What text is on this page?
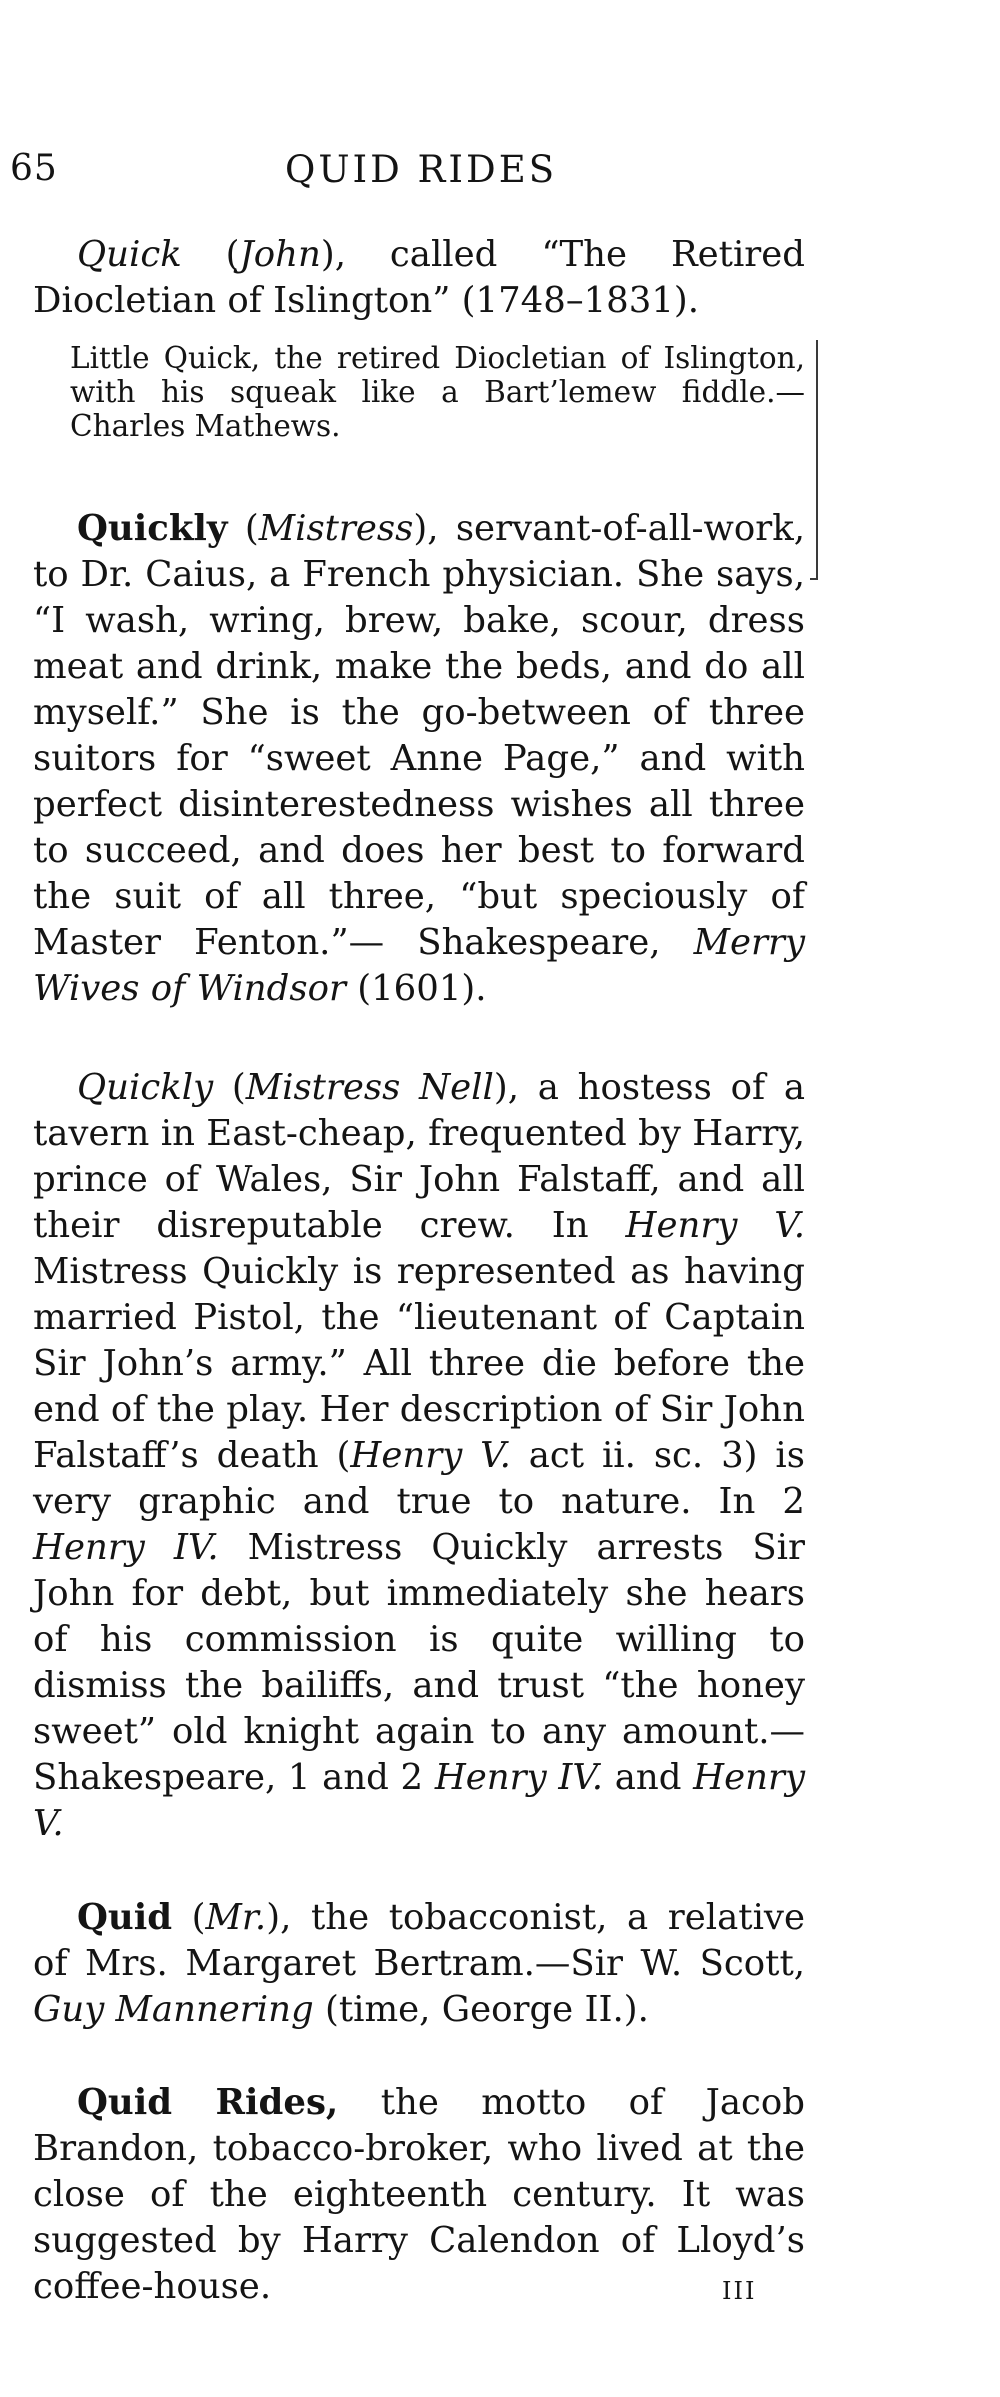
65	QUID RIDES

Quick (John), called “The Retired Diocletian of Islington” (1748–1831).

Little Quick, the retired Diocletian of Islington, with his squeak like a Bart’lemew fiddle.—Charles Mathews.

Quickly (Mistress), servant-of-all-work, to Dr. Caius, a French physician. She says, “I wash, wring, brew, bake, scour, dress meat and drink, make the beds, and do all myself.” She is the go-between of three suitors for “sweet Anne Page,” and with perfect disinterestedness wishes all three to succeed, and does her best to forward the suit of all three, “but speciously of Master Fenton.”— Shakespeare, Merry Wives of Windsor (1601).

Quickly (Mistress Nell), a hostess of a tavern in East-cheap, frequented by Harry, prince of Wales, Sir John Falstaff, and all their disreputable crew. In Henry V. Mistress Quickly is represented as having married Pistol, the “lieutenant of Captain Sir John’s army.” All three die before the end of the play. Her description of Sir John Falstaff’s death (Henry V. act ii. sc. 3) is very graphic and true to nature. In 2 Henry IV. Mistress Quickly arrests Sir John for debt, but immediately she hears of his commission is quite willing to dismiss the bailiffs, and trust “the honey sweet” old knight again to any amount.—Shakespeare, 1 and 2 Henry IV. and Henry V.

Quid (Mr.), the tobacconist, a relative of Mrs. Margaret Bertram.—Sir W. Scott, Guy Mannering (time, George II.).

Quid Rides, the motto of Jacob Brandon, tobacco-broker, who lived at the close of the eighteenth century. It was suggested by Harry Calendon of Lloyd’s coffee-house.	III
